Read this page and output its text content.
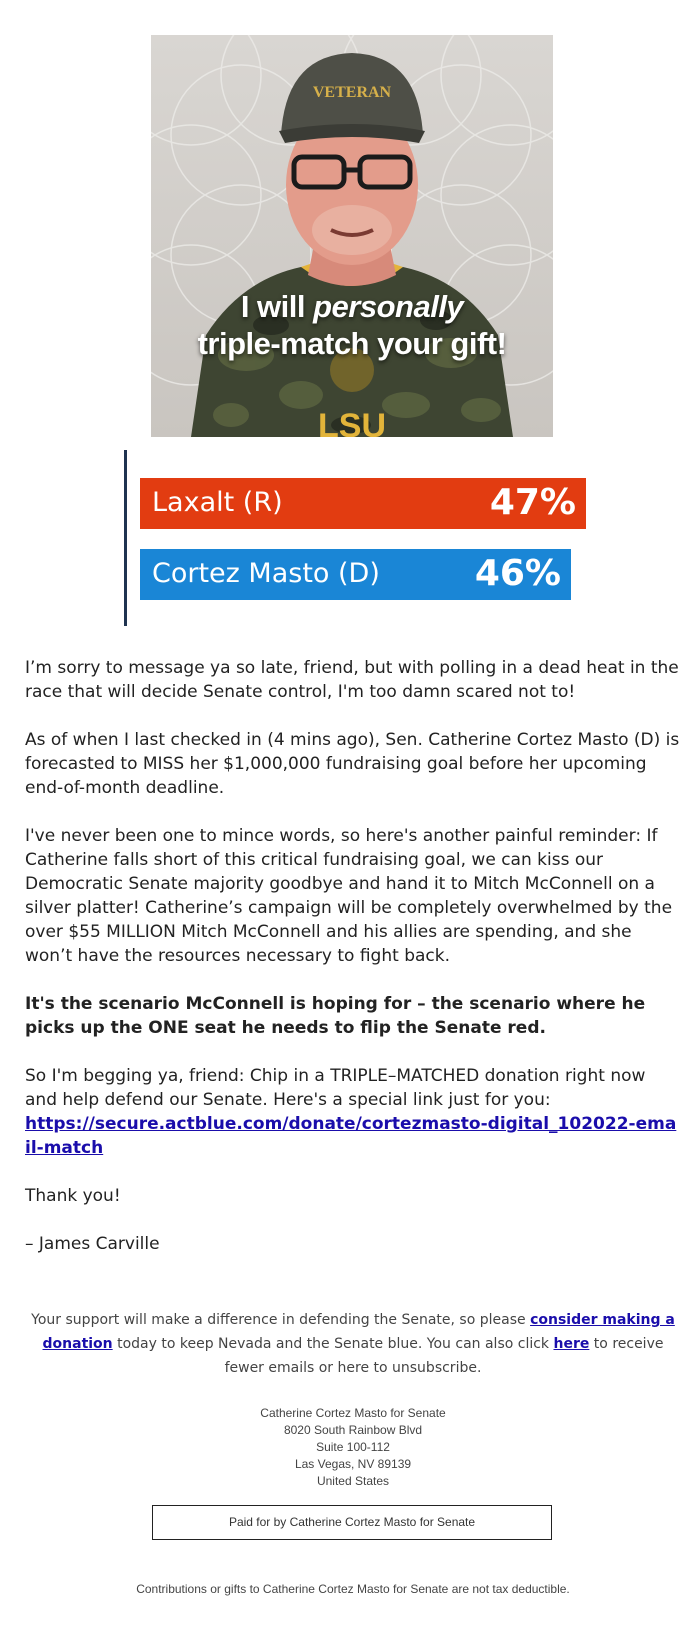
VETERAN
LSU
I will personally
triple-match your gift!
Laxalt (R)	47%
Cortez Masto (D)	46%

I’m sorry to message ya so late, friend, but with polling in a dead heat in the race that will decide Senate control, I'm too damn scared not to!

As of when I last checked in (4 mins ago), Sen. Catherine Cortez Masto (D) is forecasted to MISS her $1,000,000 fundraising goal before her upcoming end-of-month deadline.

I've never been one to mince words, so here's another painful reminder: If Catherine falls short of this critical fundraising goal, we can kiss our Democratic Senate majority goodbye and hand it to Mitch McConnell on a silver platter! Catherine’s campaign will be completely overwhelmed by the over $55 MILLION Mitch McConnell and his allies are spending, and she won’t have the resources necessary to fight back.

It's the scenario McConnell is hoping for – the scenario where he picks up the ONE seat he needs to flip the Senate red.

So I'm begging ya, friend: Chip in a TRIPLE–MATCHED donation right now and help defend our Senate. Here's a special link just for you:
https://secure.actblue.com/donate/cortezmasto-digital_102022-email-match

Thank you!

– James Carville

Your support will make a difference in defending the Senate, so please consider making a donation today to keep Nevada and the Senate blue. You can also click here to receive fewer emails or here to unsubscribe.
Catherine Cortez Masto for Senate
8020 South Rainbow Blvd
Suite 100-112
Las Vegas, NV 89139
United States
Paid for by Catherine Cortez Masto for Senate
Contributions or gifts to Catherine Cortez Masto for Senate are not tax deductible.
